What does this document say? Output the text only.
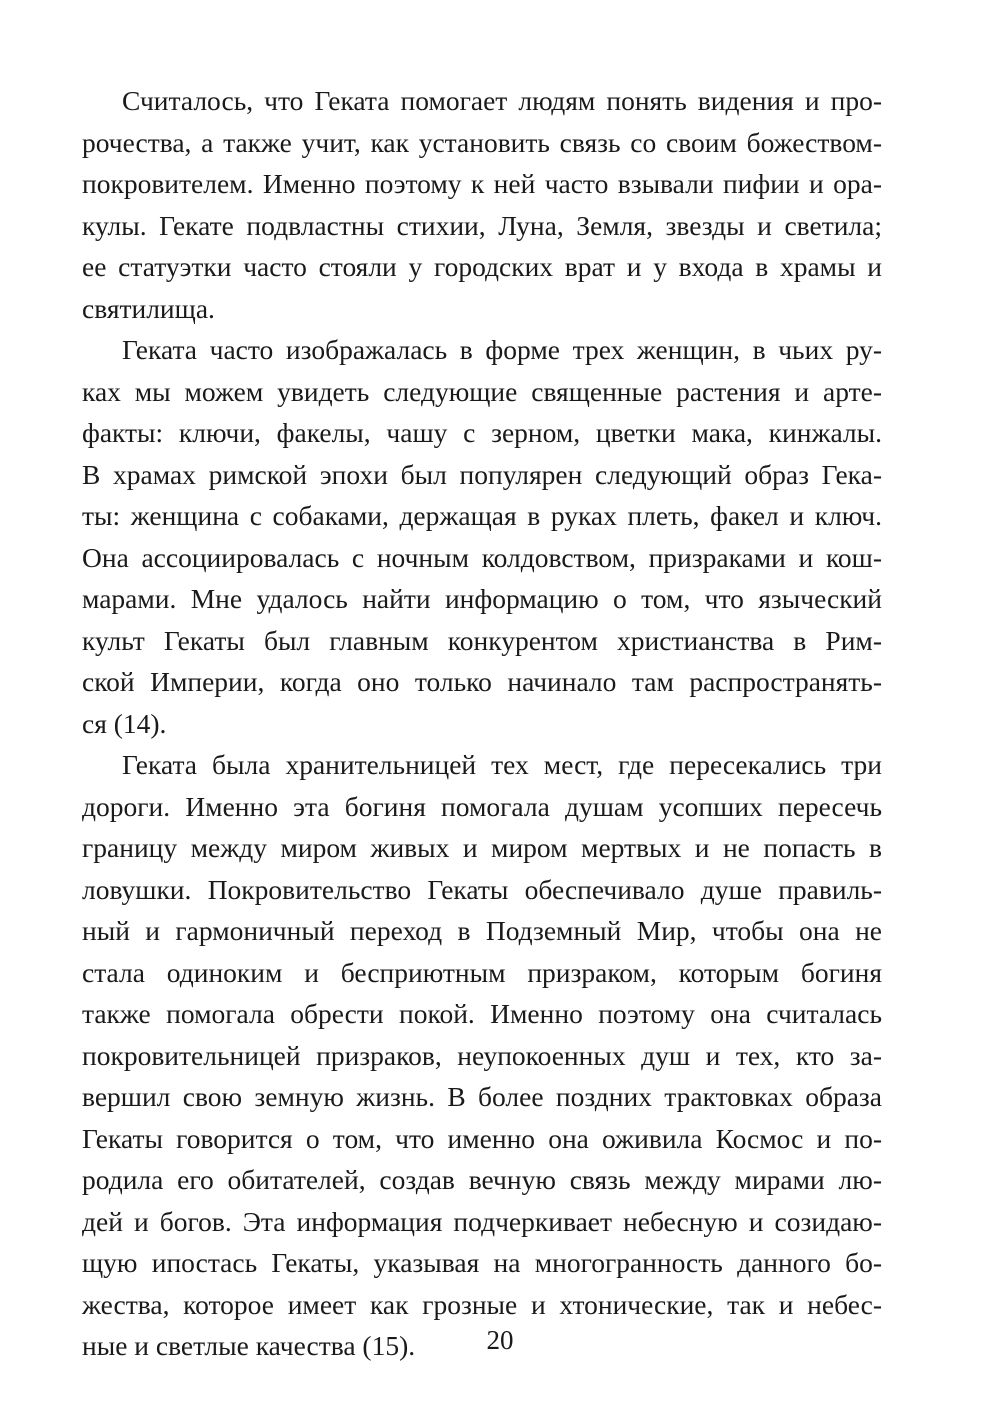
Считалось, что Геката помогает людям понять видения и про-
рочества, а также учит, как установить связь со своим божеством-
покровителем. Именно поэтому к ней часто взывали пифии и ора-
кулы. Гекате подвластны стихии, Луна, Земля, звезды и светила;
ее статуэтки часто стояли у городских врат и у входа в храмы и
святилища.
Геката часто изображалась в форме трех женщин, в чьих ру-
ках мы можем увидеть следующие священные растения и арте-
факты: ключи, факелы, чашу с зерном, цветки мака, кинжалы.
В храмах римской эпохи был популярен следующий образ Гека-
ты: женщина с собаками, держащая в руках плеть, факел и ключ.
Она ассоциировалась с ночным колдовством, призраками и кош-
марами. Мне удалось найти информацию о том, что языческий
культ Гекаты был главным конкурентом христианства в Рим-
ской Империи, когда оно только начинало там распространять-
ся (14).
Геката была хранительницей тех мест, где пересекались три
дороги. Именно эта богиня помогала душам усопших пересечь
границу между миром живых и миром мертвых и не попасть в
ловушки. Покровительство Гекаты обеспечивало душе правиль-
ный и гармоничный переход в Подземный Мир, чтобы она не
стала одиноким и бесприютным призраком, которым богиня
также помогала обрести покой. Именно поэтому она считалась
покровительницей призраков, неупокоенных душ и тех, кто за-
вершил свою земную жизнь. В более поздних трактовках образа
Гекаты говорится о том, что именно она оживила Космос и по-
родила его обитателей, создав вечную связь между мирами лю-
дей и богов. Эта информация подчеркивает небесную и созидаю-
щую ипостась Гекаты, указывая на многогранность данного бо-
жества, которое имеет как грозные и хтонические, так и небес-
ные и светлые качества (15).	20
